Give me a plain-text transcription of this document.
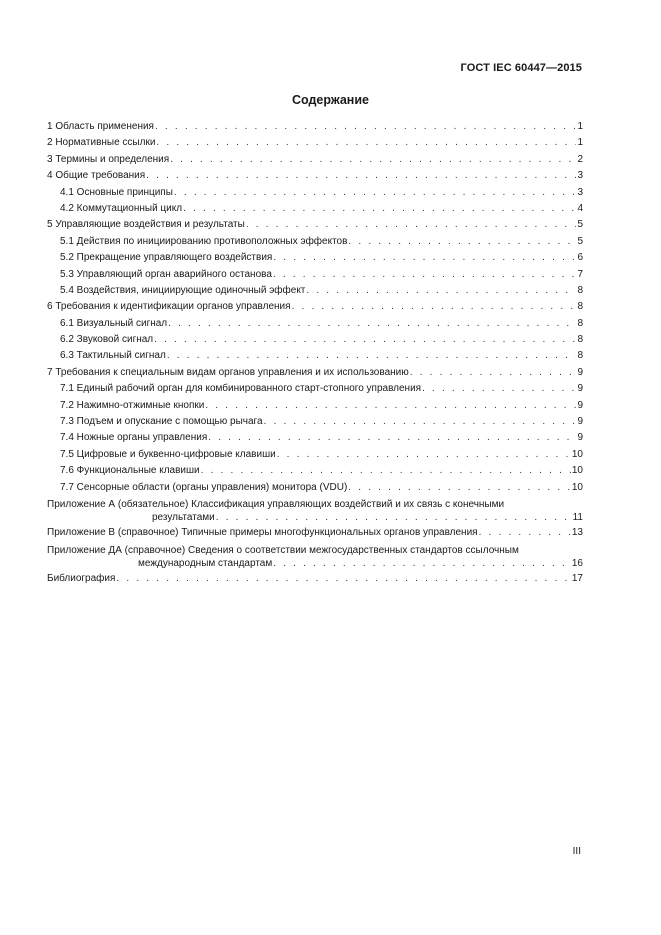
ГОСТ IEC 60447—2015
Содержание
1 Область применения . . .	1
2 Нормативные ссылки . . .	1
3 Термины и определения . . .	2
4 Общие требования . . .	3
4.1 Основные принципы . . .	3
4.2 Коммутационный цикл . . .	4
5 Управляющие воздействия и результаты . . .	5
5.1 Действия по инициированию противоположных эффектов . . .	5
5.2 Прекращение управляющего воздействия . . .	6
5.3 Управляющий орган аварийного останова . . .	7
5.4 Воздействия, инициирующие одиночный эффект . . .	8
6 Требования к идентификации органов управления . . .	8
6.1 Визуальный сигнал . . .	8
6.2 Звуковой сигнал . . .	8
6.3 Тактильный сигнал . . .	8
7 Требования к специальным видам органов управления и их использованию . . .	9
7.1 Единый рабочий орган для комбинированного старт-стопного управления . . .	9
7.2 Нажимно-отжимные кнопки . . .	9
7.3 Подъем и опускание с помощью рычага . . .	9
7.4 Ножные органы управления . . .	9
7.5 Цифровые и буквенно-цифровые клавиши . . .	10
7.6 Функциональные клавиши . . .	10
7.7 Сенсорные области (органы управления) монитора (VDU) . . .	10
Приложение А (обязательное) Классификация управляющих воздействий и их связь с конечными
результатами . . .	11
Приложение В (справочное) Типичные примеры многофункциональных органов управления . . .	13
Приложение ДА (справочное) Сведения о соответствии межгосударственных стандартов ссылочным
международным стандартам . . .	16
Библиография . . .	17
III
